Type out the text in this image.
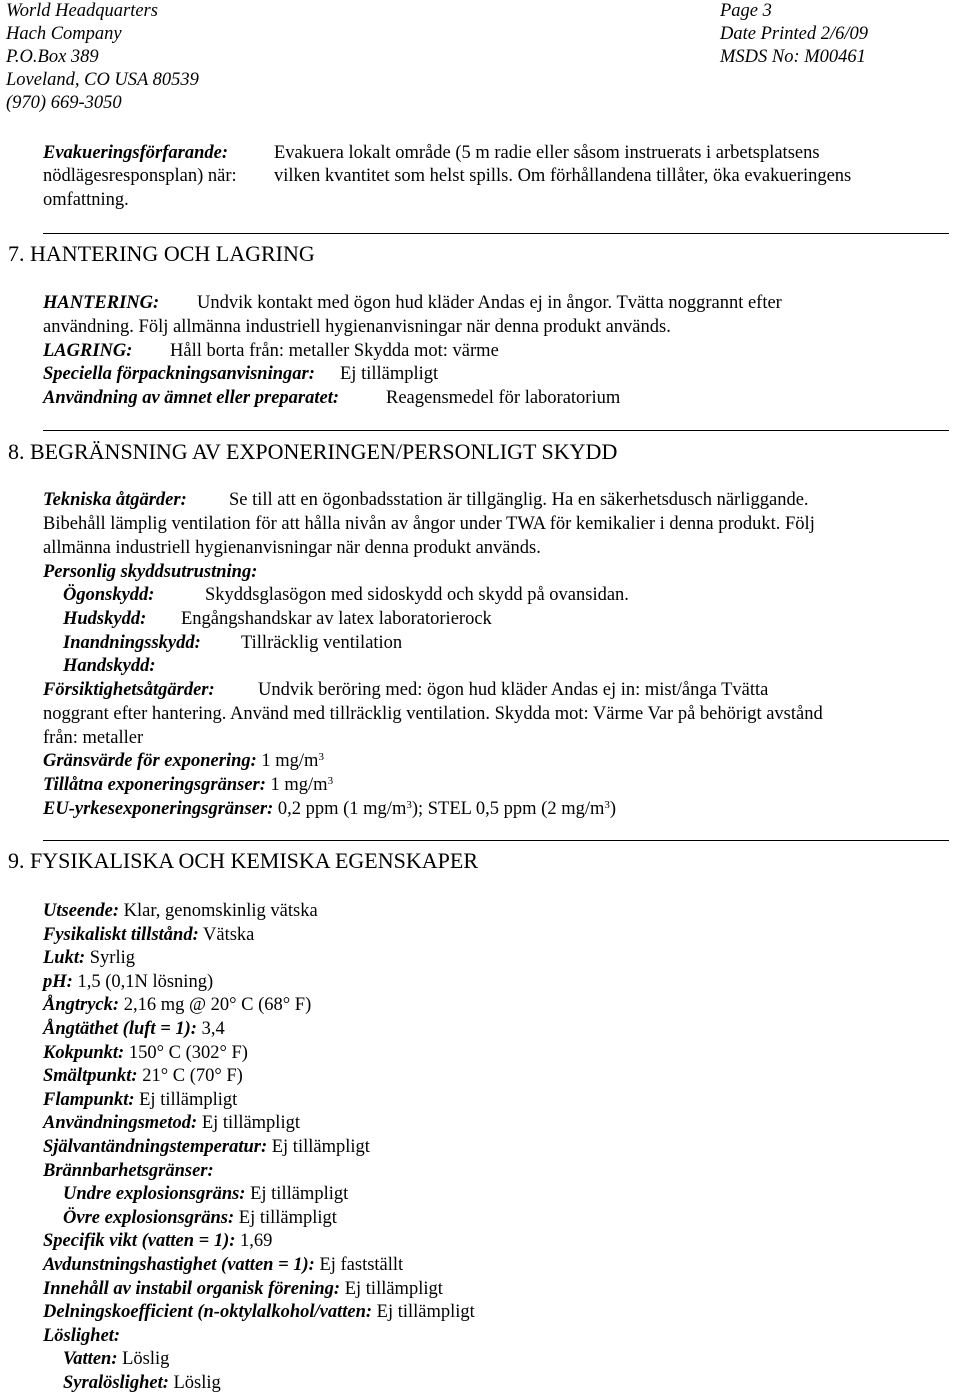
World Headquarters
Hach Company
P.O.Box 389
Loveland, CO USA 80539
(970) 669-3050
Page 3
Date Printed 2/6/09
MSDS No: M00461
Evakueringsförfarande: Evakuera lokalt område (5 m radie eller såsom instruerats i arbetsplatsens
nödlägesresponsplan) när: vilken kvantitet som helst spills. Om förhållandena tillåter, öka evakueringens
omfattning.
7. HANTERING OCH LAGRING
HANTERING: Undvik kontakt med ögon hud kläder Andas ej in ångor. Tvätta noggrannt efter
användning. Följ allmänna industriell hygienanvisningar när denna produkt används.
LAGRING: Håll borta från: metaller Skydda mot: värme
Speciella förpackningsanvisningar: Ej tillämpligt
Användning av ämnet eller preparatet:	Reagensmedel för laboratorium
8. BEGRÄNSNING AV EXPONERINGEN/PERSONLIGT SKYDD
Tekniska åtgärder: Se till att en ögonbadsstation är tillgänglig. Ha en säkerhetsdusch närliggande.
Bibehåll lämplig ventilation för att hålla nivån av ångor under TWA för kemikalier i denna produkt. Följ
allmänna industriell hygienanvisningar när denna produkt används.
Personlig skyddsutrustning:
Ögonskydd:	Skyddsglasögon med sidoskydd och skydd på ovansidan.
Hudskydd: Engångshandskar av latex laboratorierock
Inandningsskydd: Tillräcklig ventilation
Handskydd:
Försiktighetsåtgärder: Undvik beröring med: ögon hud kläder Andas ej in: mist/ånga Tvätta
noggrant efter hantering. Använd med tillräcklig ventilation. Skydda mot: Värme Var på behörigt avstånd
från: metaller
Gränsvärde för exponering: 1 $mg/m^3$
Tillåtna exponeringsgränser: 1 $mg/m^3$
EU-yrkesexponeringsgränser: 0,2 ppm (1 $mg/m^3$); STEL 0,5 ppm (2 $mg/m^3$)
9. FYSIKALISKA OCH KEMISKA EGENSKAPER
Utseende: Klar, genomskinlig vätska
Fysikaliskt tillstånd: Vätska
Lukt: Syrlig
pH: 1,5 (0,1N lösning)
Ångtryck: 2,16 mg @ 20° C (68° F)
Ångtäthet (luft = 1): 3,4
Kokpunkt: 150° C (302° F)
Smältpunkt: 21° C (70° F)
Flampunkt: Ej tillämpligt
Användningsmetod: Ej tillämpligt
Självantändningstemperatur: Ej tillämpligt
Brännbarhetsgränser:
Undre explosionsgräns: Ej tillämpligt
Övre explosionsgräns: Ej tillämpligt
Specifik vikt (vatten = 1): 1,69
Avdunstningshastighet (vatten = 1): Ej fastställt
Innehåll av instabil organisk förening: Ej tillämpligt
Delningskoefficient (n-oktylalkohol/vatten: Ej tillämpligt
Löslighet:
Vatten: Löslig
Syralöslighet: Löslig
